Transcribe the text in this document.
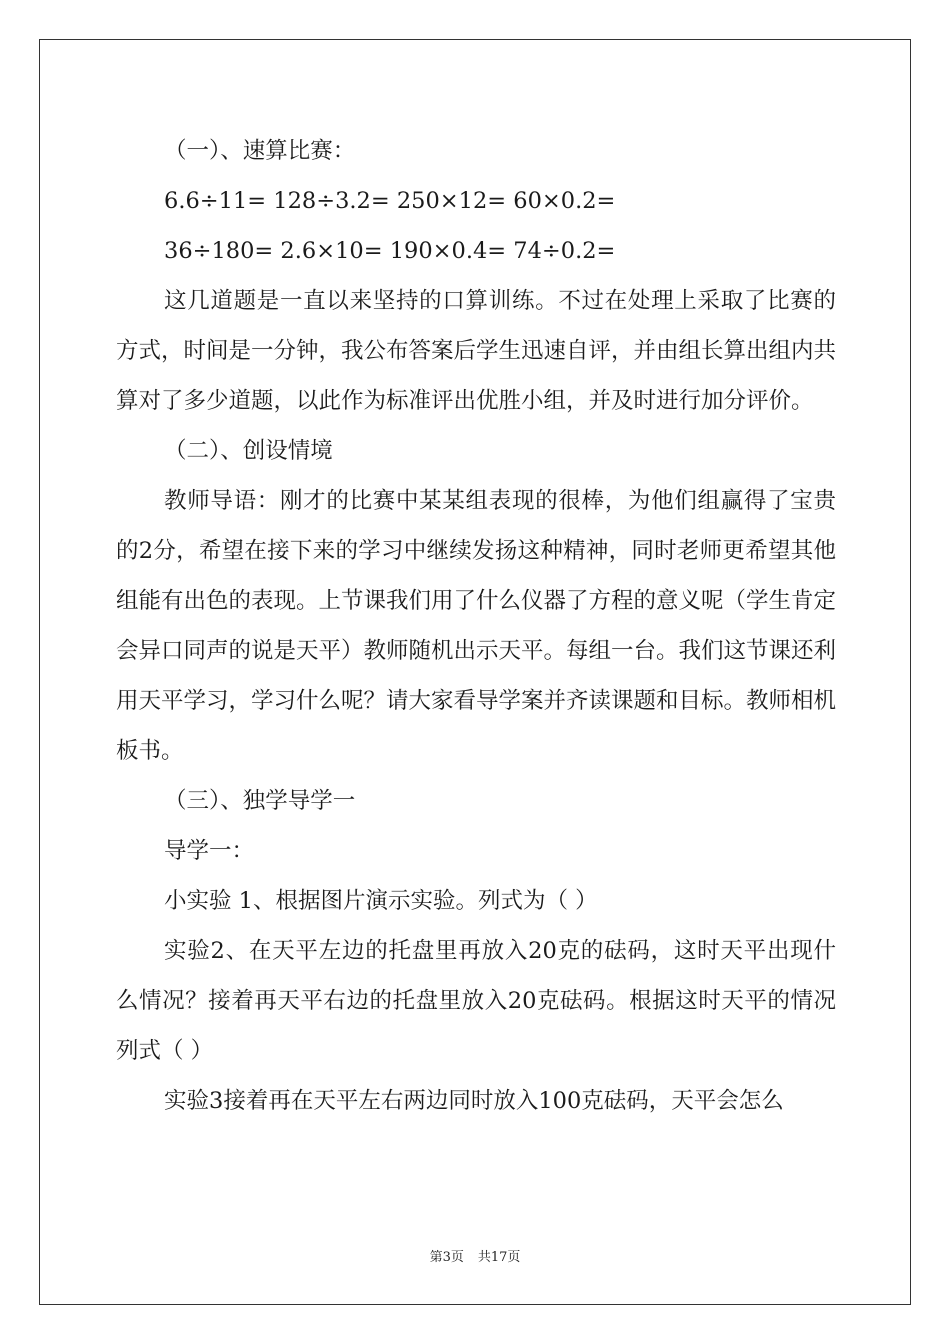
（一）、速算比赛：

6.6÷11= 128÷3.2= 250×12= 60×0.2=

36÷180= 2.6×10= 190×0.4= 74÷0.2=

这几道题是一直以来坚持的口算训练。不过在处理上采取了比赛的方式，时间是一分钟，我公布答案后学生迅速自评，并由组长算出组内共算对了多少道题，以此作为标准评出优胜小组，并及时进行加分评价。

（二）、创设情境

教师导语：刚才的比赛中某某组表现的很棒，为他们组赢得了宝贵的2分，希望在接下来的学习中继续发扬这种精神，同时老师更希望其他组能有出色的表现。上节课我们用了什么仪器了方程的意义呢（学生肯定会异口同声的说是天平）教师随机出示天平。每组一台。我们这节课还利用天平学习，学习什么呢？请大家看导学案并齐读课题和目标。教师相机板书。

（三）、独学导学一

导学一：

小实验 1、根据图片演示实验。列式为（ ）

实验2、在天平左边的托盘里再放入20克的砝码，这时天平出现什么情况？接着再天平右边的托盘里放入20克砝码。根据这时天平的情况列式（ ）

实验3接着再在天平左右两边同时放入100克砝码，天平会怎么

第3页 共17页
